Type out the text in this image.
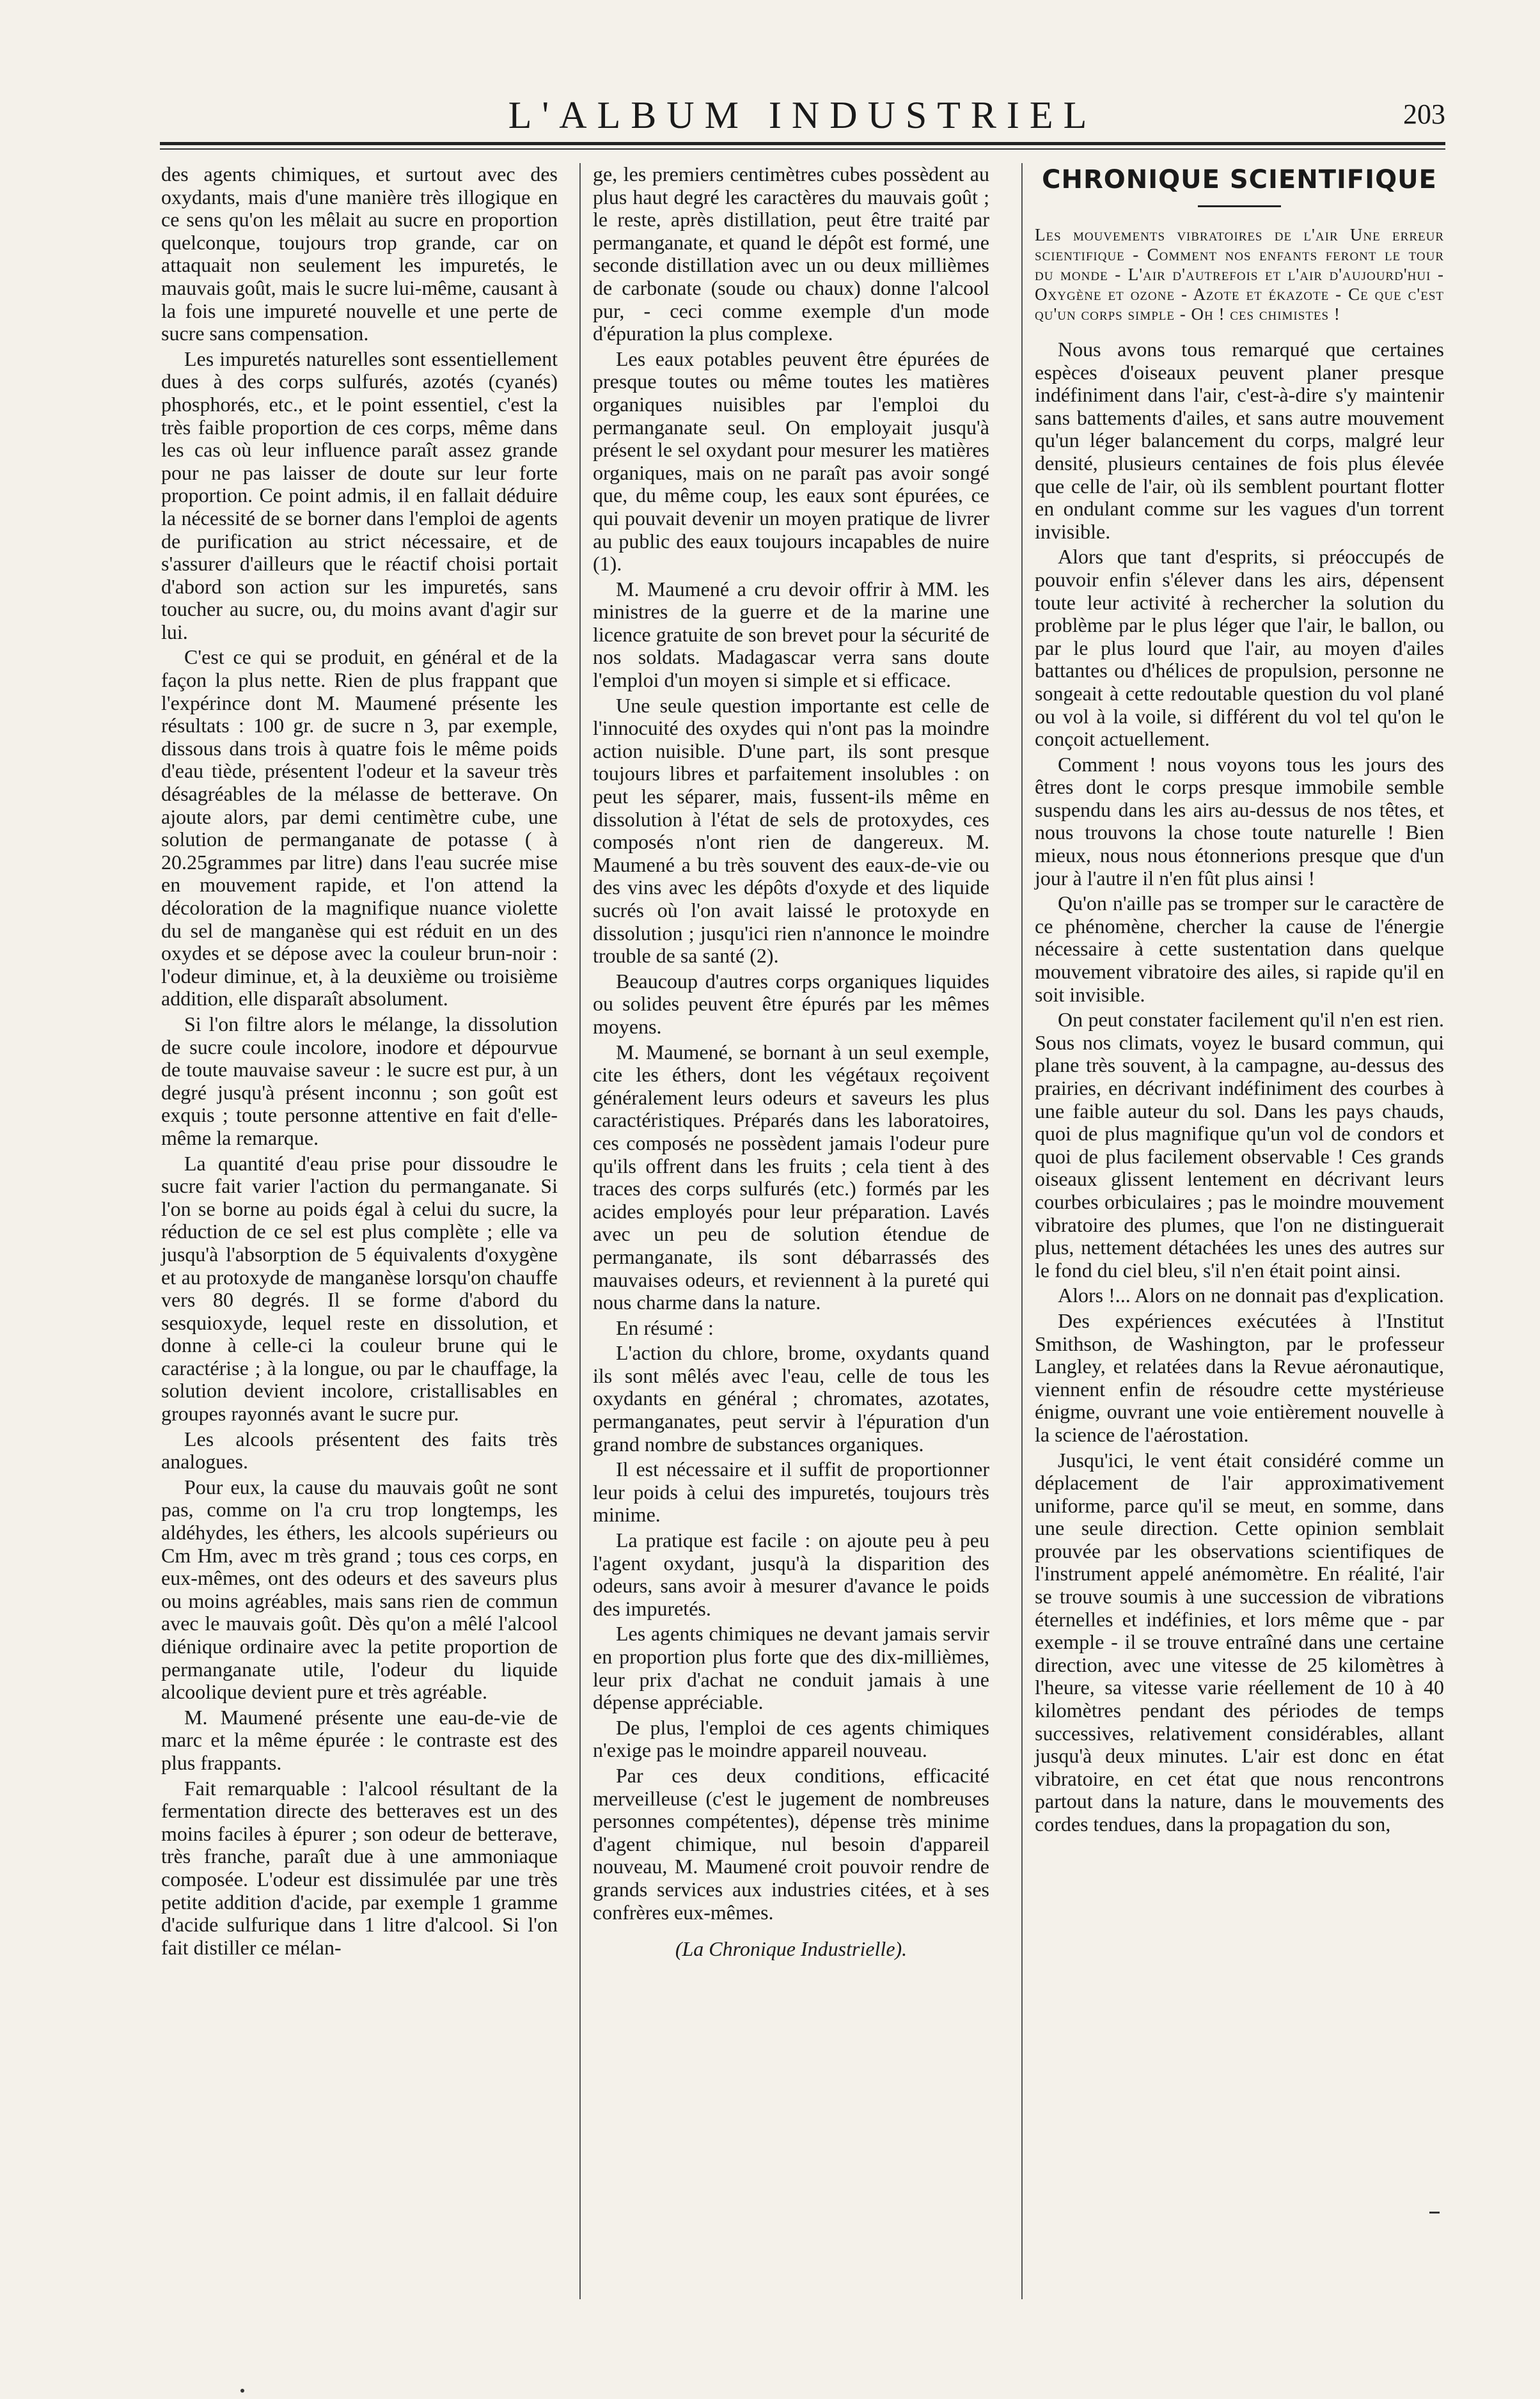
L'ALBUM INDUSTRIEL	203

des agents chimiques, et surtout avec des oxydants, mais d'une manière très illogique en ce sens qu'on les mêlait au sucre en proportion quelconque, toujours trop grande, car on attaquait non seulement les impuretés, le mauvais goût, mais le sucre lui-même, causant à la fois une impureté nouvelle et une perte de sucre sans compensation.

Les impuretés naturelles sont essentiellement dues à des corps sulfurés, azotés (cyanés) phosphorés, etc., et le point essentiel, c'est la très faible proportion de ces corps, même dans les cas où leur influence paraît assez grande pour ne pas laisser de doute sur leur forte proportion. Ce point admis, il en fallait déduire la nécessité de se borner dans l'emploi de agents de purification au strict nécessaire, et de s'assurer d'ailleurs que le réactif choisi portait d'abord son action sur les impuretés, sans toucher au sucre, ou, du moins avant d'agir sur lui.

C'est ce qui se produit, en général et de la façon la plus nette. Rien de plus frappant que l'expérince dont M. Maumené présente les résultats : 100 gr. de sucre n 3, par exemple, dissous dans trois à quatre fois le même poids d'eau tiède, présentent l'odeur et la saveur très désagréables de la mélasse de betterave. On ajoute alors, par demi centimètre cube, une solution de permanganate de potasse ( à 20.25grammes par litre) dans l'eau sucrée mise en mouvement rapide, et l'on attend la décoloration de la magnifique nuance violette du sel de manganèse qui est réduit en un des oxydes et se dépose avec la couleur brun-noir : l'odeur diminue, et, à la deuxième ou troisième addition, elle disparaît absolument.

Si l'on filtre alors le mélange, la dissolution de sucre coule incolore, inodore et dépourvue de toute mauvaise saveur : le sucre est pur, à un degré jusqu'à présent inconnu ; son goût est exquis ; toute personne attentive en fait d'elle-même la remarque.

La quantité d'eau prise pour dissoudre le sucre fait varier l'action du permanganate. Si l'on se borne au poids égal à celui du sucre, la réduction de ce sel est plus complète ; elle va jusqu'à l'absorption de 5 équivalents d'oxygène et au protoxyde de manganèse lorsqu'on chauffe vers 80 degrés. Il se forme d'abord du sesquioxyde, lequel reste en dissolution, et donne à celle-ci la couleur brune qui le caractérise ; à la longue, ou par le chauffage, la solution devient incolore, cristallisables en groupes rayonnés avant le sucre pur.

Les alcools présentent des faits très analogues.

Pour eux, la cause du mauvais goût ne sont pas, comme on l'a cru trop longtemps, les aldéhydes, les éthers, les alcools supérieurs ou Cm Hm, avec m très grand ; tous ces corps, en eux-mêmes, ont des odeurs et des saveurs plus ou moins agréables, mais sans rien de commun avec le mauvais goût. Dès qu'on a mêlé l'alcool diénique ordinaire avec la petite proportion de permanganate utile, l'odeur du liquide alcoolique devient pure et très agréable.

M. Maumené présente une eau-de-vie de marc et la même épurée : le contraste est des plus frappants.

Fait remarquable : l'alcool résultant de la fermentation directe des betteraves est un des moins faciles à épurer ; son odeur de betterave, très franche, paraît due à une ammoniaque composée. L'odeur est dissimulée par une très petite addition d'acide, par exemple 1 gramme d'acide sulfurique dans 1 litre d'alcool. Si l'on fait distiller ce mélan-

ge, les premiers centimètres cubes possèdent au plus haut degré les caractères du mauvais goût ; le reste, après distillation, peut être traité par permanganate, et quand le dépôt est formé, une seconde distillation avec un ou deux millièmes de carbonate (soude ou chaux) donne l'alcool pur, - ceci comme exemple d'un mode d'épuration la plus complexe.

Les eaux potables peuvent être épurées de presque toutes ou même toutes les matières organiques nuisibles par l'emploi du permanganate seul. On employait jusqu'à présent le sel oxydant pour mesurer les matières organiques, mais on ne paraît pas avoir songé que, du même coup, les eaux sont épurées, ce qui pouvait devenir un moyen pratique de livrer au public des eaux toujours incapables de nuire (1).

M. Maumené a cru devoir offrir à MM. les ministres de la guerre et de la marine une licence gratuite de son brevet pour la sécurité de nos soldats. Madagascar verra sans doute l'emploi d'un moyen si simple et si efficace.

Une seule question importante est celle de l'innocuité des oxydes qui n'ont pas la moindre action nuisible. D'une part, ils sont presque toujours libres et parfaitement insolubles : on peut les séparer, mais, fussent-ils même en dissolution à l'état de sels de protoxydes, ces composés n'ont rien de dangereux. M. Maumené a bu très souvent des eaux-de-vie ou des vins avec les dépôts d'oxyde et des liquide sucrés où l'on avait laissé le protoxyde en dissolution ; jusqu'ici rien n'annonce le moindre trouble de sa santé (2).

Beaucoup d'autres corps organiques liquides ou solides peuvent être épurés par les mêmes moyens.

M. Maumené, se bornant à un seul exemple, cite les éthers, dont les végétaux reçoivent généralement leurs odeurs et saveurs les plus caractéristiques. Préparés dans les laboratoires, ces composés ne possèdent jamais l'odeur pure qu'ils offrent dans les fruits ; cela tient à des traces des corps sulfurés (etc.) formés par les acides employés pour leur préparation. Lavés avec un peu de solution étendue de permanganate, ils sont débarrassés des mauvaises odeurs, et reviennent à la pureté qui nous charme dans la nature.

En résumé :

L'action du chlore, brome, oxydants quand ils sont mêlés avec l'eau, celle de tous les oxydants en général ; chromates, azotates, permanganates, peut servir à l'épuration d'un grand nombre de substances organiques.

Il est nécessaire et il suffit de proportionner leur poids à celui des impuretés, toujours très minime.

La pratique est facile : on ajoute peu à peu l'agent oxydant, jusqu'à la disparition des odeurs, sans avoir à mesurer d'avance le poids des impuretés.

Les agents chimiques ne devant jamais servir en proportion plus forte que des dix-millièmes, leur prix d'achat ne conduit jamais à une dépense appréciable.

De plus, l'emploi de ces agents chimiques n'exige pas le moindre appareil nouveau.

Par ces deux conditions, efficacité merveilleuse (c'est le jugement de nombreuses personnes compétentes), dépense très minime d'agent chimique, nul besoin d'appareil nouveau, M. Maumené croit pouvoir rendre de grands services aux industries citées, et à ses confrères eux-mêmes.

(La Chronique Industrielle).

CHRONIQUE SCIENTIFIQUE

Les mouvements vibratoires de l'air Une erreur scientifique - Comment nos enfants feront le tour du monde - L'air d'autrefois et l'air d'aujourd'hui - Oxygène et ozone - Azote et ékazote - Ce que c'est qu'un corps simple - Oh ! ces chimistes !

Nous avons tous remarqué que certaines espèces d'oiseaux peuvent planer presque indéfiniment dans l'air, c'est-à-dire s'y maintenir sans battements d'ailes, et sans autre mouvement qu'un léger balancement du corps, malgré leur densité, plusieurs centaines de fois plus élevée que celle de l'air, où ils semblent pourtant flotter en ondulant comme sur les vagues d'un torrent invisible.

Alors que tant d'esprits, si préoccupés de pouvoir enfin s'élever dans les airs, dépensent toute leur activité à rechercher la solution du problème par le plus léger que l'air, le ballon, ou par le plus lourd que l'air, au moyen d'ailes battantes ou d'hélices de propulsion, personne ne songeait à cette redoutable question du vol plané ou vol à la voile, si différent du vol tel qu'on le conçoit actuellement.

Comment ! nous voyons tous les jours des êtres dont le corps presque immobile semble suspendu dans les airs au-dessus de nos têtes, et nous trouvons la chose toute naturelle ! Bien mieux, nous nous étonnerions presque que d'un jour à l'autre il n'en fût plus ainsi !

Qu'on n'aille pas se tromper sur le caractère de ce phénomène, chercher la cause de l'énergie nécessaire à cette sustentation dans quelque mouvement vibratoire des ailes, si rapide qu'il en soit invisible.

On peut constater facilement qu'il n'en est rien. Sous nos climats, voyez le busard commun, qui plane très souvent, à la campagne, au-dessus des prairies, en décrivant indéfiniment des courbes à une faible auteur du sol. Dans les pays chauds, quoi de plus magnifique qu'un vol de condors et quoi de plus facilement observable ! Ces grands oiseaux glissent lentement en décrivant leurs courbes orbiculaires ; pas le moindre mouvement vibratoire des plumes, que l'on ne distinguerait plus, nettement détachées les unes des autres sur le fond du ciel bleu, s'il n'en était point ainsi.

Alors !... Alors on ne donnait pas d'explication.

Des expériences exécutées à l'Institut Smithson, de Washington, par le professeur Langley, et relatées dans la Revue aéronautique, viennent enfin de résoudre cette mystérieuse énigme, ouvrant une voie entièrement nouvelle à la science de l'aérostation.

Jusqu'ici, le vent était considéré comme un déplacement de l'air approximativement uniforme, parce qu'il se meut, en somme, dans une seule direction. Cette opinion semblait prouvée par les observations scientifiques de l'instrument appelé anémomètre. En réalité, l'air se trouve soumis à une succession de vibrations éternelles et indéfinies, et lors même que - par exemple - il se trouve entraîné dans une certaine direction, avec une vitesse de 25 kilomètres à l'heure, sa vitesse varie réellement de 10 à 40 kilomètres pendant des périodes de temps successives, relativement considérables, allant jusqu'à deux minutes. L'air est donc en état vibratoire, en cet état que nous rencontrons partout dans la nature, dans le mouvements des cordes tendues, dans la propagation du son,
